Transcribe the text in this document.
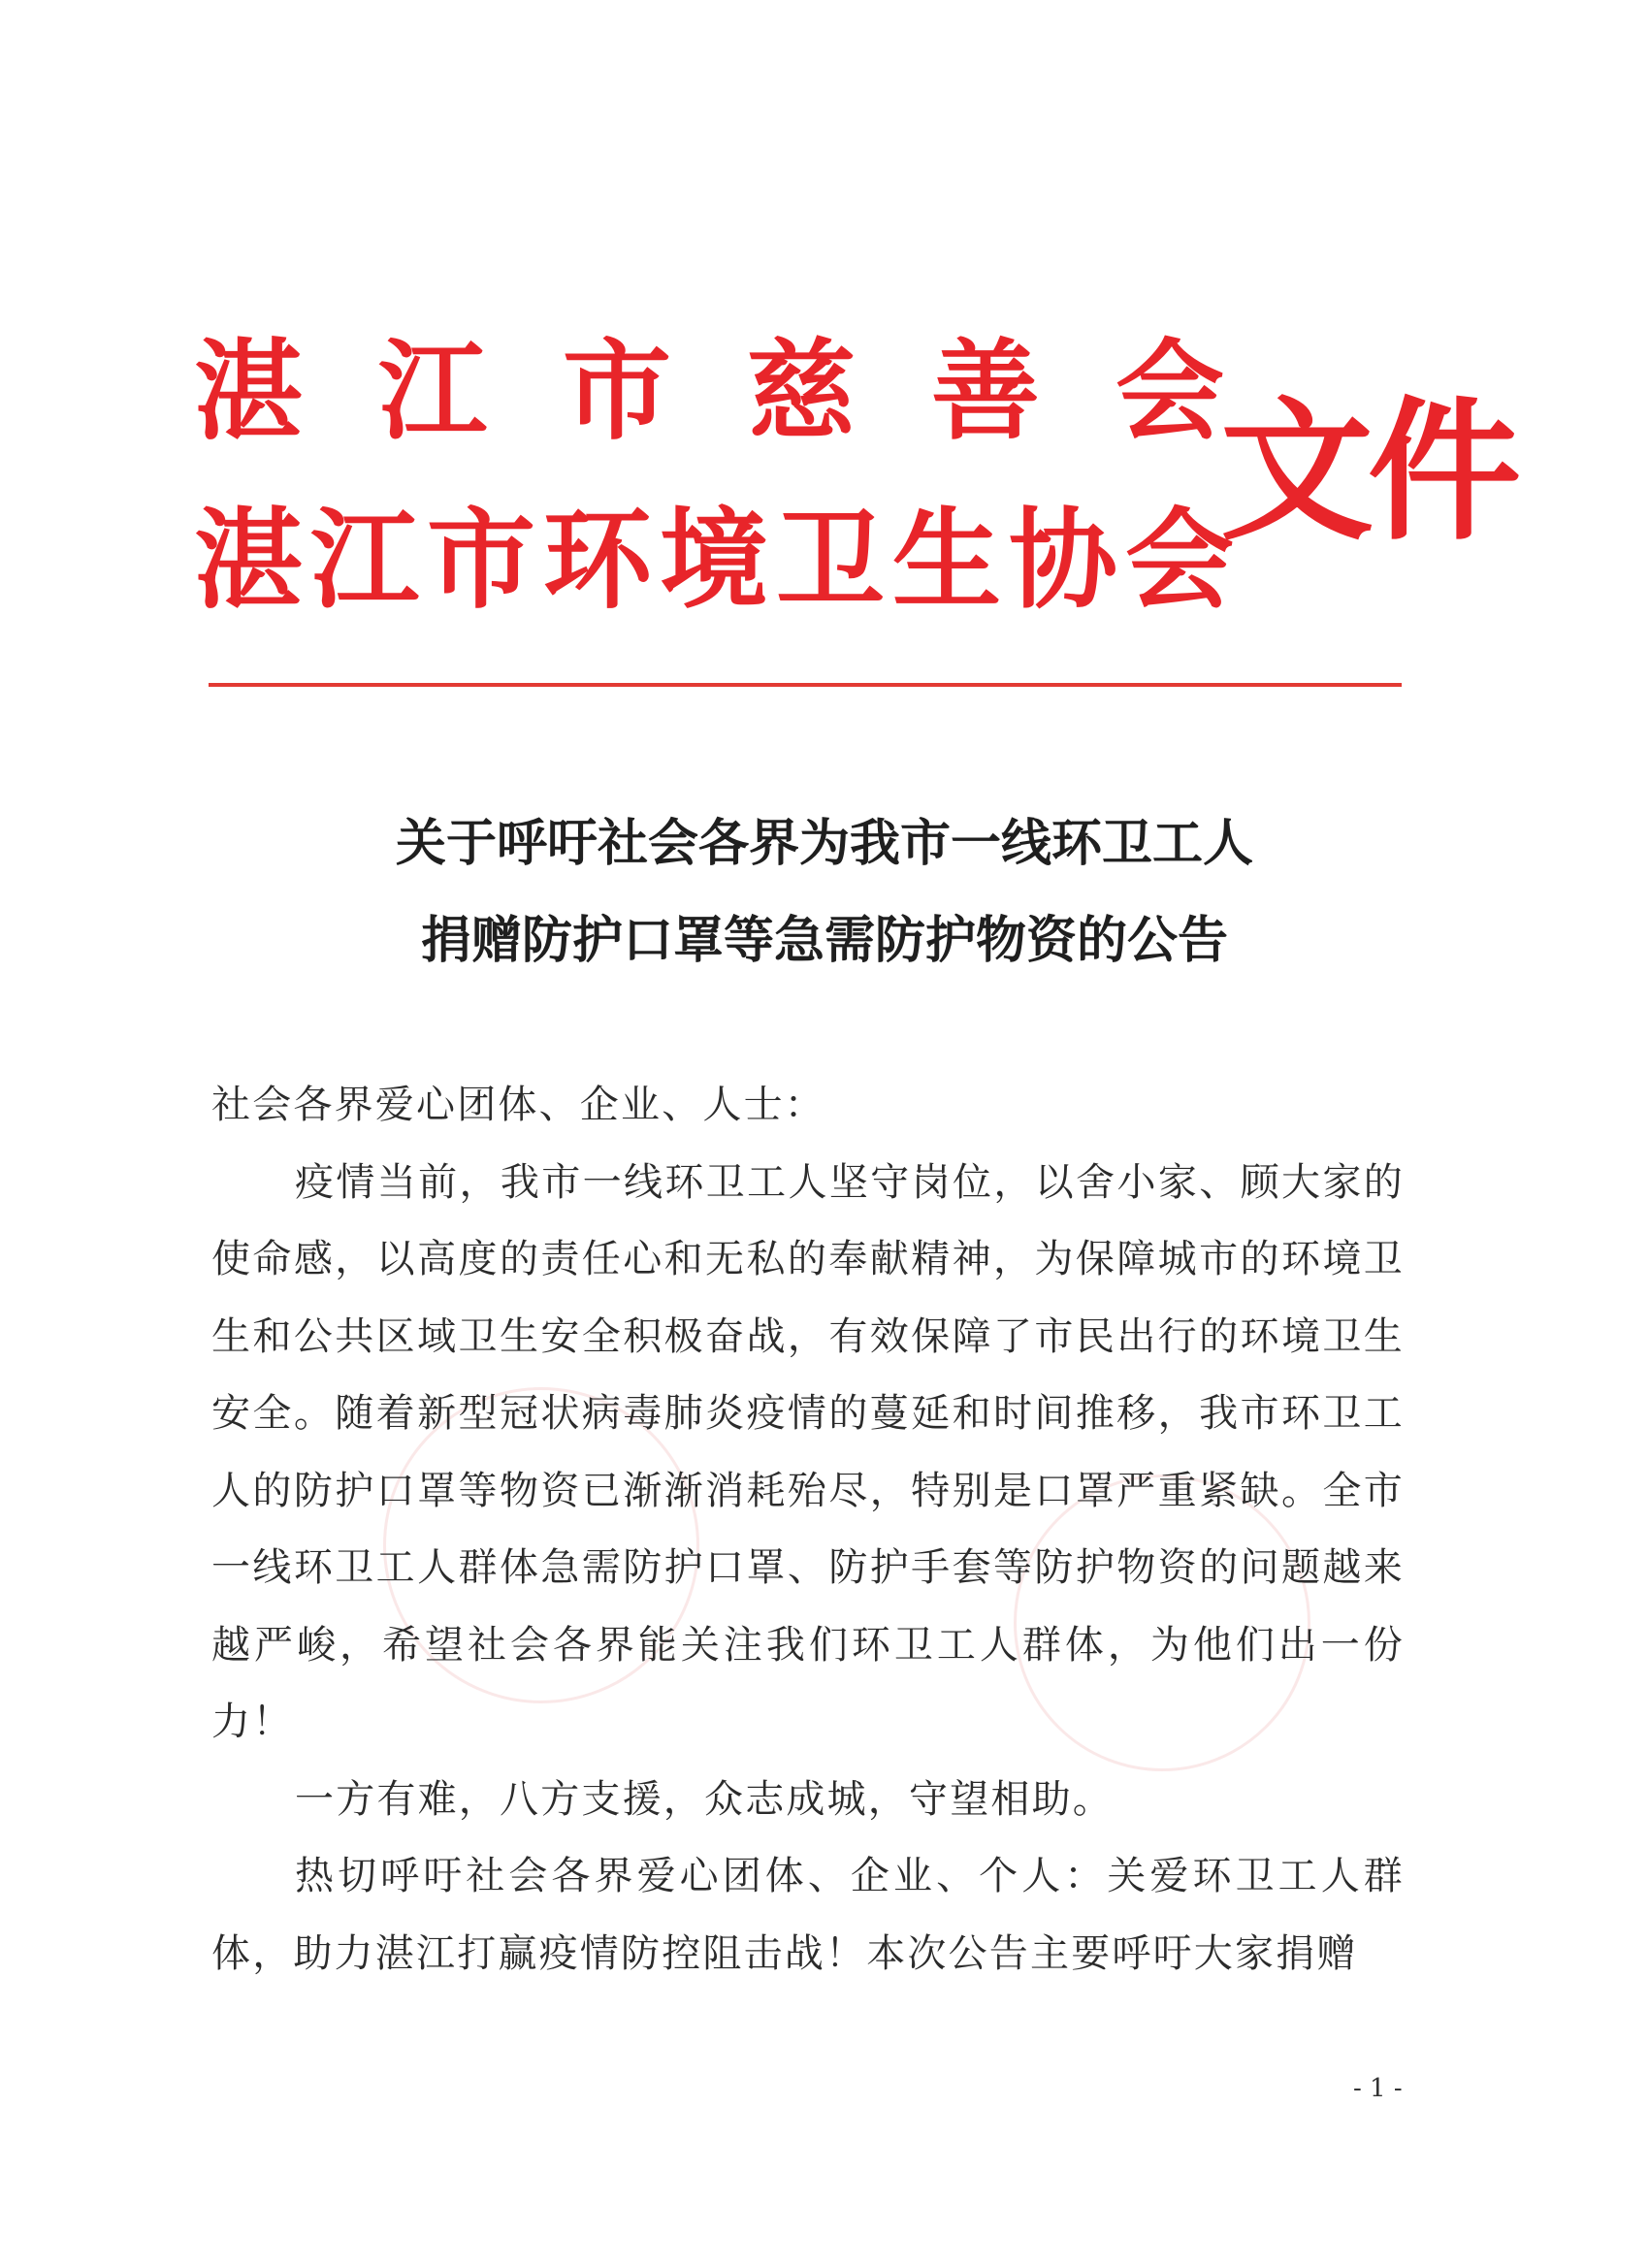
湛江市慈善会
湛江市环境卫生协会
文件
关于呼吁社会各界为我市一线环卫工人
捐赠防护口罩等急需防护物资的公告

社会各界爱心团体、企业、人士：

疫情当前，我市一线环卫工人坚守岗位，以舍小家、顾大家的使命感，以高度的责任心和无私的奉献精神，为保障城市的环境卫生和公共区域卫生安全积极奋战，有效保障了市民出行的环境卫生安全。随着新型冠状病毒肺炎疫情的蔓延和时间推移，我市环卫工人的防护口罩等物资已渐渐消耗殆尽，特别是口罩严重紧缺。全市一线环卫工人群体急需防护口罩、防护手套等防护物资的问题越来越严峻，希望社会各界能关注我们环卫工人群体，为他们出一份力！

一方有难，八方支援，众志成城，守望相助。

热切呼吁社会各界爱心团体、企业、个人：关爱环卫工人群体，助力湛江打赢疫情防控阻击战！本次公告主要呼吁大家捐赠

- 1 -
